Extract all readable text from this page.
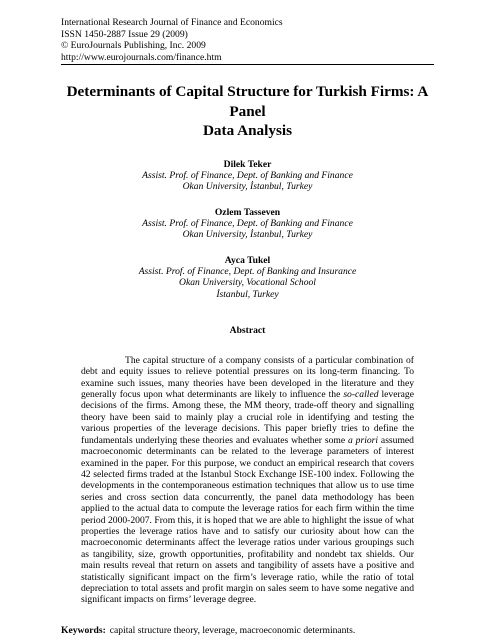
International Research Journal of Finance and Economics
ISSN 1450-2887 Issue 29 (2009)
© EuroJournals Publishing, Inc. 2009
http://www.eurojournals.com/finance.htm
Determinants of Capital Structure for Turkish Firms: A Panel
Data Analysis
Dilek Teker
Assist. Prof. of Finance, Dept. of Banking and Finance
Okan University, İstanbul, Turkey
Ozlem Tasseven
Assist. Prof. of Finance, Dept. of Banking and Finance
Okan University, İstanbul, Turkey
Ayca Tukel
Assist. Prof. of Finance, Dept. of Banking and Insurance
Okan University, Vocational School
İstanbul, Turkey
Abstract

The capital structure of a company consists of a particular combination of debt and equity issues to relieve potential pressures on its long-term financing. To examine such issues, many theories have been developed in the literature and they generally focus upon what determinants are likely to influence the so-called leverage decisions of the firms. Among these, the MM theory, trade-off theory and signalling theory have been said to mainly play a crucial role in identifying and testing the various properties of the leverage decisions. This paper briefly tries to define the fundamentals underlying these theories and evaluates whether some a priori assumed macroeconomic determinants can be related to the leverage parameters of interest examined in the paper. For this purpose, we conduct an empirical research that covers 42 selected firms traded at the Istanbul Stock Exchange ISE-100 index. Following the developments in the contemporaneous estimation techniques that allow us to use time series and cross section data concurrently, the panel data methodology has been applied to the actual data to compute the leverage ratios for each firm within the time period 2000-2007. From this, it is hoped that we are able to highlight the issue of what properties the leverage ratios have and to satisfy our curiosity about how can the macroeconomic determinants affect the leverage ratios under various groupings such as tangibility, size, growth opportunities, profitability and nondebt tax shields. Our main results reveal that return on assets and tangibility of assets have a positive and statistically significant impact on the firm’s leverage ratio, while the ratio of total depreciation to total assets and profit margin on sales seem to have some negative and significant impacts on firms’ leverage degree.

Keywords: capital structure theory, leverage, macroeconomic determinants.
